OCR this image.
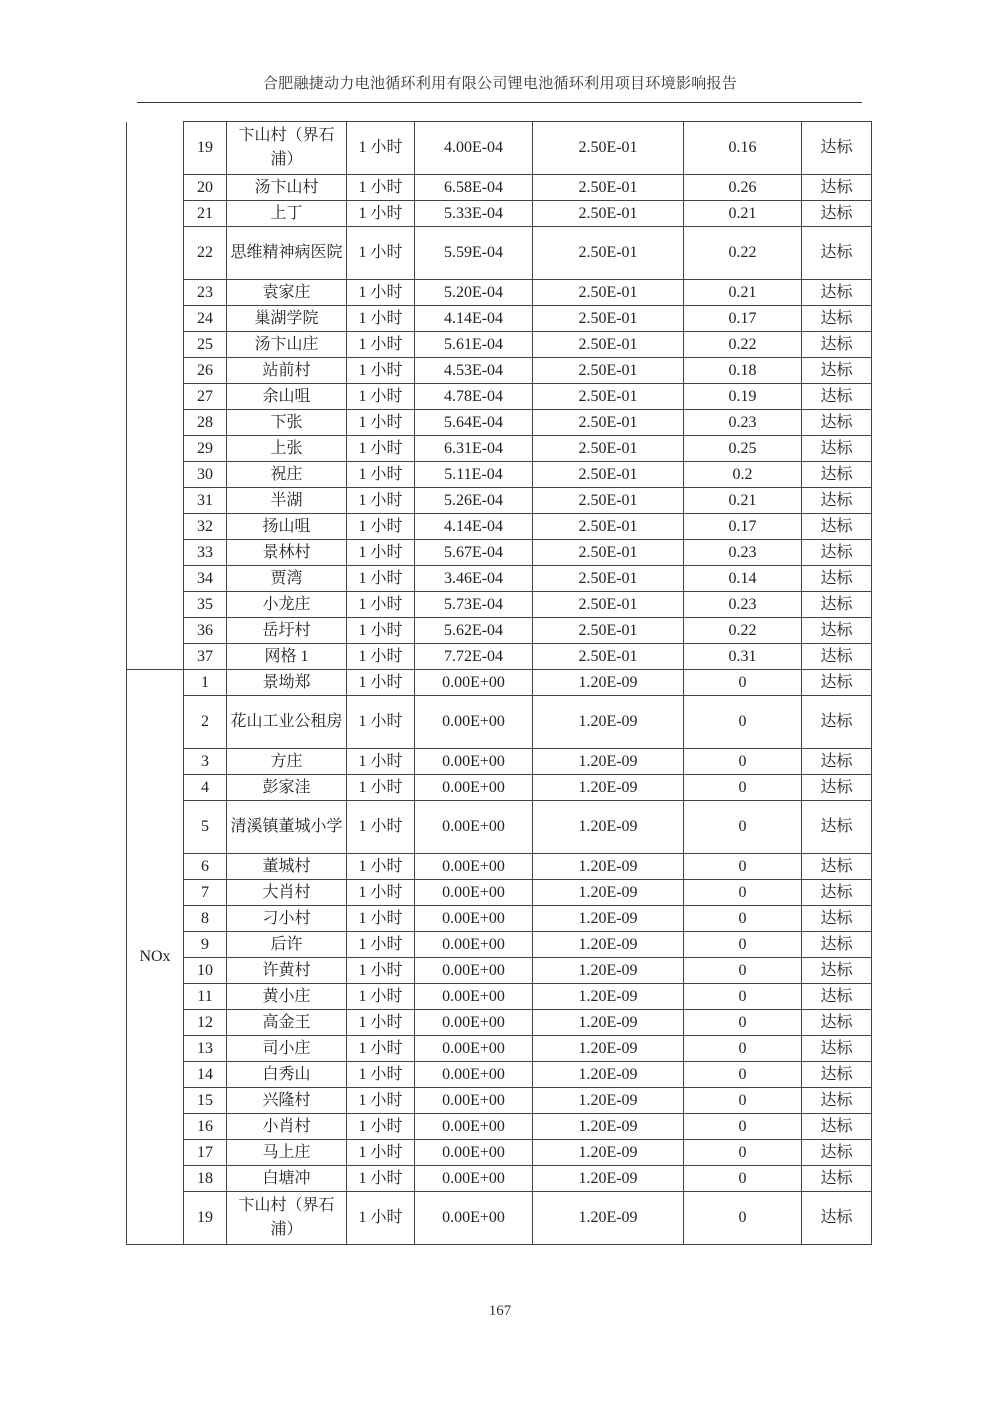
合肥融捷动力电池循环利用有限公司锂电池循环利用项目环境影响报告
	19	卞山村（界石浦）	1 小时	4.00E-04	2.50E-01	0.16	达标
	20	汤卞山村	1 小时	6.58E-04	2.50E-01	0.26	达标
	21	上丁	1 小时	5.33E-04	2.50E-01	0.21	达标
	22	思维精神病医院	1 小时	5.59E-04	2.50E-01	0.22	达标
	23	袁家庄	1 小时	5.20E-04	2.50E-01	0.21	达标
	24	巢湖学院	1 小时	4.14E-04	2.50E-01	0.17	达标
	25	汤卞山庄	1 小时	5.61E-04	2.50E-01	0.22	达标
	26	站前村	1 小时	4.53E-04	2.50E-01	0.18	达标
	27	余山咀	1 小时	4.78E-04	2.50E-01	0.19	达标
	28	下张	1 小时	5.64E-04	2.50E-01	0.23	达标
	29	上张	1 小时	6.31E-04	2.50E-01	0.25	达标
	30	祝庄	1 小时	5.11E-04	2.50E-01	0.2	达标
	31	半湖	1 小时	5.26E-04	2.50E-01	0.21	达标
	32	扬山咀	1 小时	4.14E-04	2.50E-01	0.17	达标
	33	景林村	1 小时	5.67E-04	2.50E-01	0.23	达标
	34	贾湾	1 小时	3.46E-04	2.50E-01	0.14	达标
	35	小龙庄	1 小时	5.73E-04	2.50E-01	0.23	达标
	36	岳圩村	1 小时	5.62E-04	2.50E-01	0.22	达标
	37	网格 1	1 小时	7.72E-04	2.50E-01	0.31	达标
NOx	1	景坳郑	1 小时	0.00E+00	1.20E-09	0	达标
	2	花山工业公租房	1 小时	0.00E+00	1.20E-09	0	达标
	3	方庄	1 小时	0.00E+00	1.20E-09	0	达标
	4	彭家洼	1 小时	0.00E+00	1.20E-09	0	达标
	5	清溪镇董城小学	1 小时	0.00E+00	1.20E-09	0	达标
	6	董城村	1 小时	0.00E+00	1.20E-09	0	达标
	7	大肖村	1 小时	0.00E+00	1.20E-09	0	达标
	8	刁小村	1 小时	0.00E+00	1.20E-09	0	达标
	9	后许	1 小时	0.00E+00	1.20E-09	0	达标
	10	许黄村	1 小时	0.00E+00	1.20E-09	0	达标
	11	黄小庄	1 小时	0.00E+00	1.20E-09	0	达标
	12	高金王	1 小时	0.00E+00	1.20E-09	0	达标
	13	司小庄	1 小时	0.00E+00	1.20E-09	0	达标
	14	白秀山	1 小时	0.00E+00	1.20E-09	0	达标
	15	兴隆村	1 小时	0.00E+00	1.20E-09	0	达标
	16	小肖村	1 小时	0.00E+00	1.20E-09	0	达标
	17	马上庄	1 小时	0.00E+00	1.20E-09	0	达标
	18	白塘冲	1 小时	0.00E+00	1.20E-09	0	达标
	19	卞山村（界石浦）	1 小时	0.00E+00	1.20E-09	0	达标
167
